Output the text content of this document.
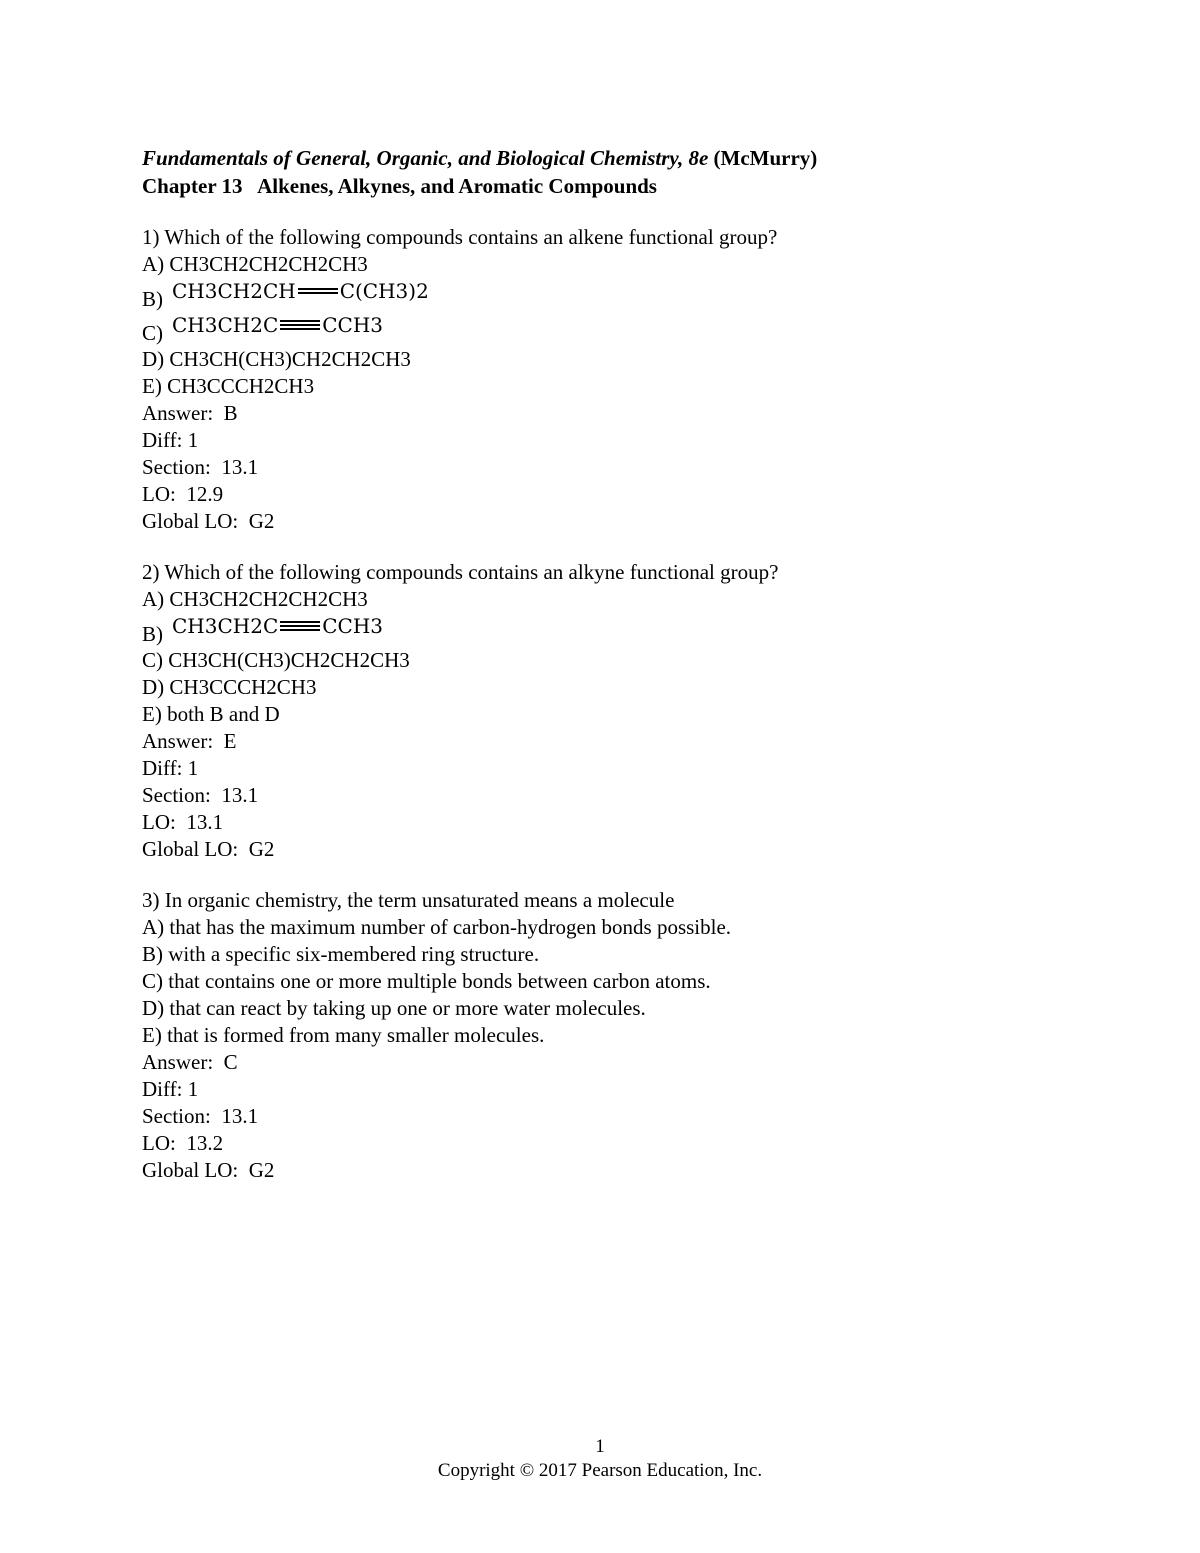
Fundamentals of General, Organic, and Biological Chemistry, 8e (McMurry)
Chapter 13   Alkenes, Alkynes, and Aromatic Compounds
1) Which of the following compounds contains an alkene functional group?
A) CH3CH2CH2CH2CH3
B) CH3CH2CH C(CH3)2
C) CH3CH2C CCH3
D) CH3CH(CH3)CH2CH2CH3
E) CH3CCCH2CH3
Answer:  B
Diff: 1
Section:  13.1
LO:  12.9
Global LO:  G2
2) Which of the following compounds contains an alkyne functional group?
A) CH3CH2CH2CH2CH3
B) CH3CH2C CCH3
C) CH3CH(CH3)CH2CH2CH3
D) CH3CCCH2CH3
E) both B and D
Answer:  E
Diff: 1
Section:  13.1
LO:  13.1
Global LO:  G2
3) In organic chemistry, the term unsaturated means a molecule
A) that has the maximum number of carbon-hydrogen bonds possible.
B) with a specific six-membered ring structure.
C) that contains one or more multiple bonds between carbon atoms.
D) that can react by taking up one or more water molecules.
E) that is formed from many smaller molecules.
Answer:  C
Diff: 1
Section:  13.1
LO:  13.2
Global LO:  G2
1
Copyright © 2017 Pearson Education, Inc.
